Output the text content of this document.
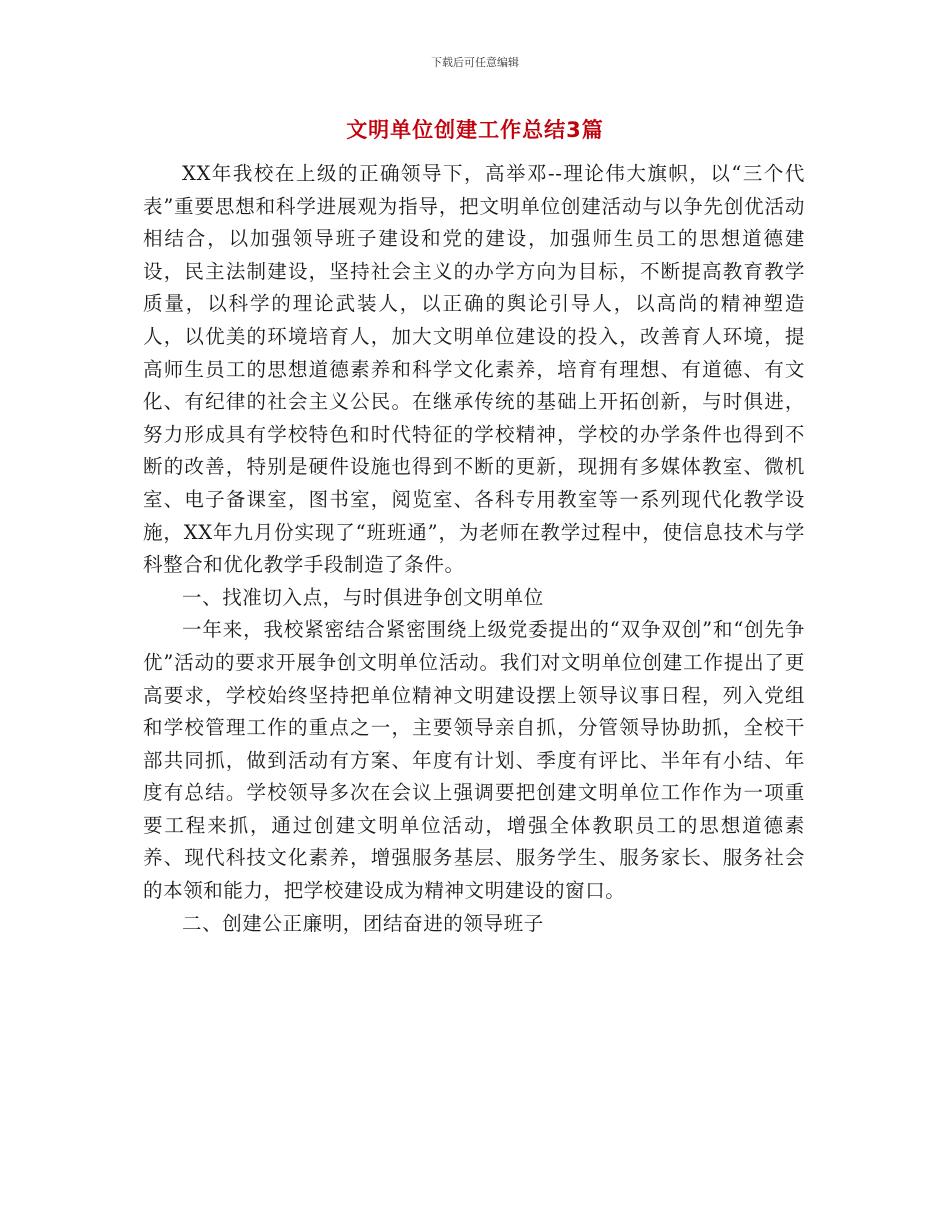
下载后可任意编辑
文明单位创建工作总结3篇

XX年我校在上级的正确领导下，高举邓--理论伟大旗帜，以“三个代表”重要思想和科学进展观为指导，把文明单位创建活动与以争先创优活动相结合，以加强领导班子建设和党的建设，加强师生员工的思想道德建设，民主法制建设，坚持社会主义的办学方向为目标，不断提高教育教学质量，以科学的理论武装人，以正确的舆论引导人，以高尚的精神塑造人，以优美的环境培育人，加大文明单位建设的投入，改善育人环境，提高师生员工的思想道德素养和科学文化素养，培育有理想、有道德、有文化、有纪律的社会主义公民。在继承传统的基础上开拓创新，与时俱进，努力形成具有学校特色和时代特征的学校精神，学校的办学条件也得到不断的改善，特别是硬件设施也得到不断的更新，现拥有多媒体教室、微机室、电子备课室，图书室，阅览室、各科专用教室等一系列现代化教学设施，XX年九月份实现了“班班通”，为老师在教学过程中，使信息技术与学科整合和优化教学手段制造了条件。

一、找准切入点，与时俱进争创文明单位

一年来，我校紧密结合紧密围绕上级党委提出的“双争双创”和“创先争优”活动的要求开展争创文明单位活动。我们对文明单位创建工作提出了更高要求，学校始终坚持把单位精神文明建设摆上领导议事日程，列入党组和学校管理工作的重点之一，主要领导亲自抓，分管领导协助抓，全校干部共同抓，做到活动有方案、年度有计划、季度有评比、半年有小结、年度有总结。学校领导多次在会议上强调要把创建文明单位工作作为一项重要工程来抓，通过创建文明单位活动，增强全体教职员工的思想道德素养、现代科技文化素养，增强服务基层、服务学生、服务家长、服务社会的本领和能力，把学校建设成为精神文明建设的窗口。

二、创建公正廉明，团结奋进的领导班子
